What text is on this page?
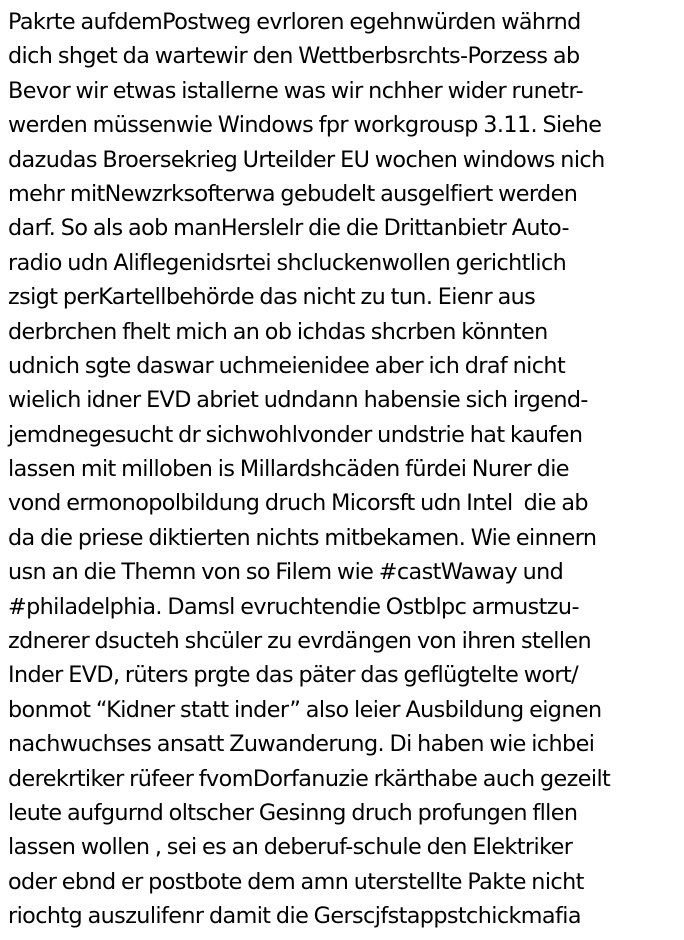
Pakrte aufdemPostweg evrloren egehnwürden währnd
dich shget da wartewir den Wettberbsrchts-Porzess ab
Bevor wir etwas istallerne was wir nchher wider runetr-
werden müssenwie Windows fpr workgrousp 3.11. Siehe
dazudas Broersekrieg Urteilder EU wochen windows nich
mehr mitNewzrksofterwa gebudelt ausgelfiert werden
darf. So als aob manHerslelr die die Drittanbietr Auto-
radio udn Aliflegenidsrtei shcluckenwollen gerichtlich
zsigt perKartellbehörde das nicht zu tun. Eienr aus
derbrchen fhelt mich an ob ichdas shcrben könnten
udnich sgte daswar uchmeienidee aber ich draf nicht
wielich idner EVD abriet udndann habensie sich irgend-
jemdnegesucht dr sichwohlvonder undstrie hat kaufen
lassen mit milloben is Millardshcäden fürdei Nurer die
vond ermonopolbildung druch Micorsft udn Intel  die ab
da die priese diktierten nichts mitbekamen. Wie einnern
usn an die Themn von so Filem wie #castWaway und
#philadelphia. Damsl evruchtendie Ostblpc armustzu-
zdnerer dsucteh shcüler zu evrdängen von ihren stellen
Inder EVD, rüters prgte das päter das geflügtelte wort/
bonmot “Kidner statt inder” also leier Ausbildung eignen
nachwuchses ansatt Zuwanderung. Di haben wie ichbei
derekrtiker rüfeer fvomDorfanuzie rkärthabe auch gezeilt
leute aufgurnd oltscher Gesinng druch profungen fllen
lassen wollen , sei es an deberuf-schule den Elektriker
oder ebnd er postbote dem amn uterstellte Pakte nicht
riochtg auszulifenr damit die Gerscjfstappstchickmafia
